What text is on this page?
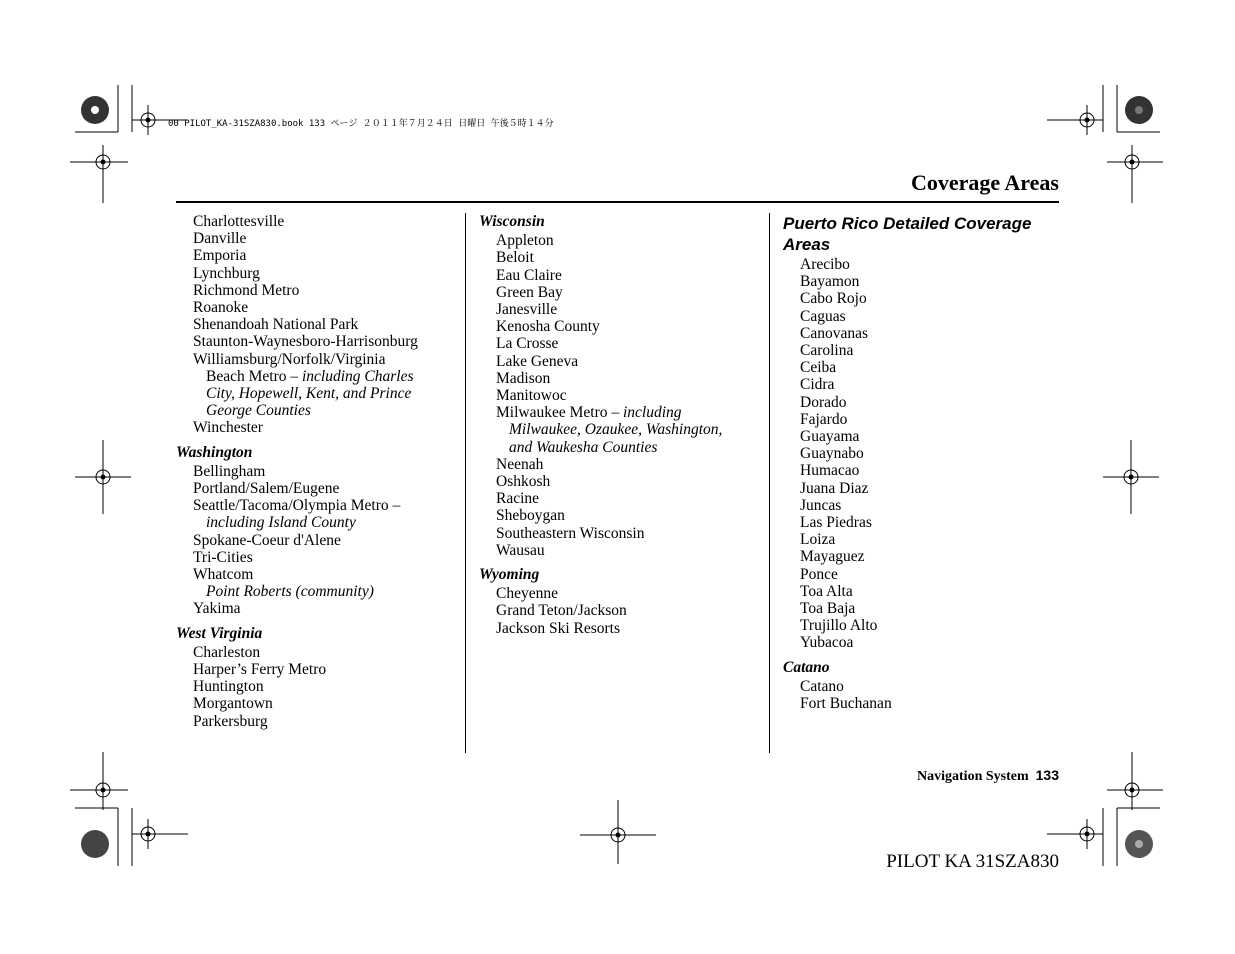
00 PILOT_KA-31SZA830.book 133 ページ ２０１１年７月２４日 日曜日 午後５時１４分
Coverage Areas
Charlottesville
Danville
Emporia
Lynchburg
Richmond Metro
Roanoke
Shenandoah National Park
Staunton-Waynesboro-Harrisonburg
Williamsburg/Norfolk/Virginia
Beach Metro – including Charles
City, Hopewell, Kent, and Prince
George Counties
Winchester
Washington
Bellingham
Portland/Salem/Eugene
Seattle/Tacoma/Olympia Metro –
including Island County
Spokane-Coeur d'Alene
Tri-Cities
Whatcom
Point Roberts (community)
Yakima
West Virginia
Charleston
Harper’s Ferry Metro
Huntington
Morgantown
Parkersburg
Wisconsin
Appleton
Beloit
Eau Claire
Green Bay
Janesville
Kenosha County
La Crosse
Lake Geneva
Madison
Manitowoc
Milwaukee Metro – including
Milwaukee, Ozaukee, Washington,
and Waukesha Counties
Neenah
Oshkosh
Racine
Sheboygan
Southeastern Wisconsin
Wausau
Wyoming
Cheyenne
Grand Teton/Jackson
Jackson Ski Resorts
Puerto Rico Detailed Coverage
Areas
Arecibo
Bayamon
Cabo Rojo
Caguas
Canovanas
Carolina
Ceiba
Cidra
Dorado
Fajardo
Guayama
Guaynabo
Humacao
Juana Diaz
Juncas
Las Piedras
Loiza
Mayaguez
Ponce
Toa Alta
Toa Baja
Trujillo Alto
Yubacoa
Catano
Catano
Fort Buchanan
Navigation System 133
PILOT KA 31SZA830
